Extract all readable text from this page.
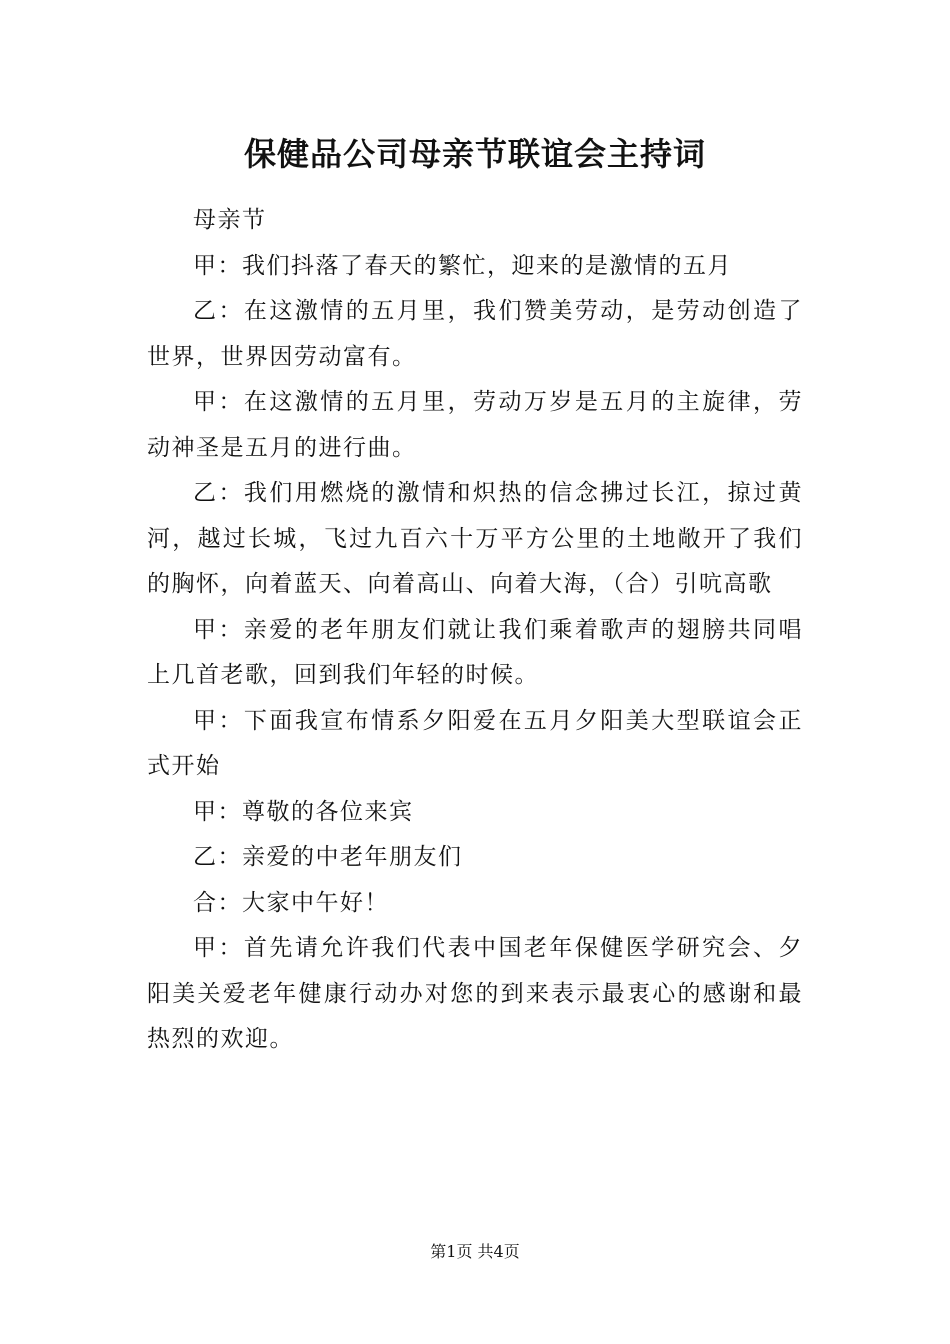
保健品公司母亲节联谊会主持词

母亲节

甲：我们抖落了春天的繁忙，迎来的是激情的五月

乙：在这激情的五月里，我们赞美劳动，是劳动创造了世界，世界因劳动富有。

甲：在这激情的五月里，劳动万岁是五月的主旋律，劳动神圣是五月的进行曲。

乙：我们用燃烧的激情和炽热的信念拂过长江，掠过黄河，越过长城，飞过九百六十万平方公里的土地敞开了我们的胸怀，向着蓝天、向着高山、向着大海，（合）引吭高歌

甲：亲爱的老年朋友们就让我们乘着歌声的翅膀共同唱上几首老歌，回到我们年轻的时候。

甲：下面我宣布情系夕阳爱在五月夕阳美大型联谊会正式开始

甲：尊敬的各位来宾

乙：亲爱的中老年朋友们

合：大家中午好！

甲：首先请允许我们代表中国老年保健医学研究会、夕阳美关爱老年健康行动办对您的到来表示最衷心的感谢和最热烈的欢迎。

第1页 共4页
